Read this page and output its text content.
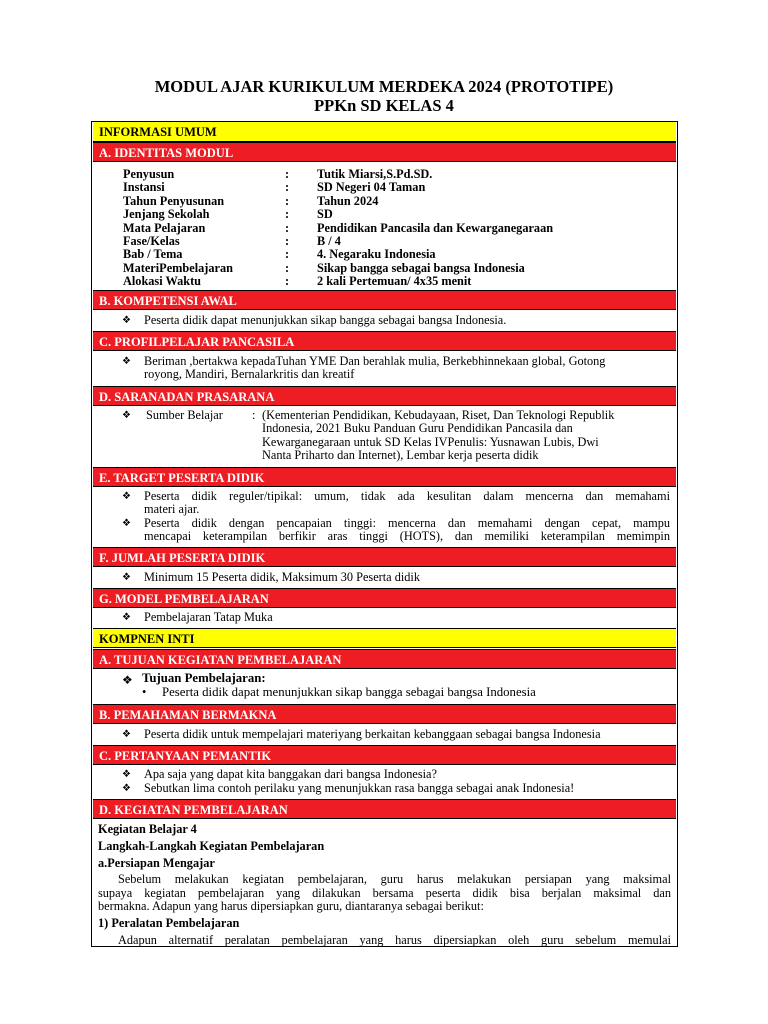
MODUL AJAR KURIKULUM MERDEKA 2024 (PROTOTIPE)
PPKn SD KELAS 4
INFORMASI UMUM
A. IDENTITAS MODUL
Penyusun	:	Tutik Miarsi,S.Pd.SD.
Instansi	:	SD Negeri 04 Taman
Tahun Penyusunan	:	Tahun 2024
Jenjang Sekolah	:	SD
Mata Pelajaran	:	Pendidikan Pancasila dan Kewarganegaraan
Fase/Kelas	:	B / 4
Bab / Tema	:	4. Negaraku Indonesia
MateriPembelajaran	:	Sikap bangga sebagai bangsa Indonesia
Alokasi Waktu	:	2 kali Pertemuan/ 4x35 menit
B. KOMPETENSI AWAL
❖ Peserta didik dapat menunjukkan sikap bangga sebagai bangsa Indonesia.
C. PROFILPELAJAR PANCASILA
❖ Beriman ,bertakwa kepadaTuhan YME Dan berahlak mulia, Berkebhinnekaan global, Gotong
royong, Mandiri, Bernalarkritis dan kreatif
D. SARANADAN PRASARANA
❖ Sumber Belajar : (Kementerian Pendidikan, Kebudayaan, Riset, Dan Teknologi Republik
Indonesia, 2021 Buku Panduan Guru Pendidikan Pancasila dan
Kewarganegaraan untuk SD Kelas IVPenulis: Yusnawan Lubis, Dwi
Nanta Priharto dan Internet), Lembar kerja peserta didik
E. TARGET PESERTA DIDIK
❖ Peserta didik reguler/tipikal: umum, tidak ada kesulitan dalam mencerna dan memahami
materi ajar.
❖ Peserta didik dengan pencapaian tinggi: mencerna dan memahami dengan cepat, mampu
mencapai keterampilan berfikir aras tinggi (HOTS), dan memiliki keterampilan memimpin
F. JUMLAH PESERTA DIDIK
❖ Minimum 15 Peserta didik, Maksimum 30 Peserta didik
G. MODEL PEMBELAJARAN
❖ Pembelajaran Tatap Muka
KOMPNEN INTI
A. TUJUAN KEGIATAN PEMBELAJARAN
❖ Tujuan Pembelajaran:
• Peserta didik dapat menunjukkan sikap bangga sebagai bangsa Indonesia
B. PEMAHAMAN BERMAKNA
❖ Peserta didik untuk mempelajari materiyang berkaitan kebanggaan sebagai bangsa Indonesia
C. PERTANYAAN PEMANTIK
❖ Apa saja yang dapat kita banggakan dari bangsa Indonesia?
❖ Sebutkan lima contoh perilaku yang menunjukkan rasa bangga sebagai anak Indonesia!
D. KEGIATAN PEMBELAJARAN
Kegiatan Belajar 4
Langkah-Langkah Kegiatan Pembelajaran
a.Persiapan Mengajar
Sebelum melakukan kegiatan pembelajaran, guru harus melakukan persiapan yang maksimal
supaya kegiatan pembelajaran yang dilakukan bersama peserta didik bisa berjalan maksimal dan
bermakna. Adapun yang harus dipersiapkan guru, diantaranya sebagai berikut:
1) Peralatan Pembelajaran
Adapun alternatif peralatan pembelajaran yang harus dipersiapkan oleh guru sebelum memulai
